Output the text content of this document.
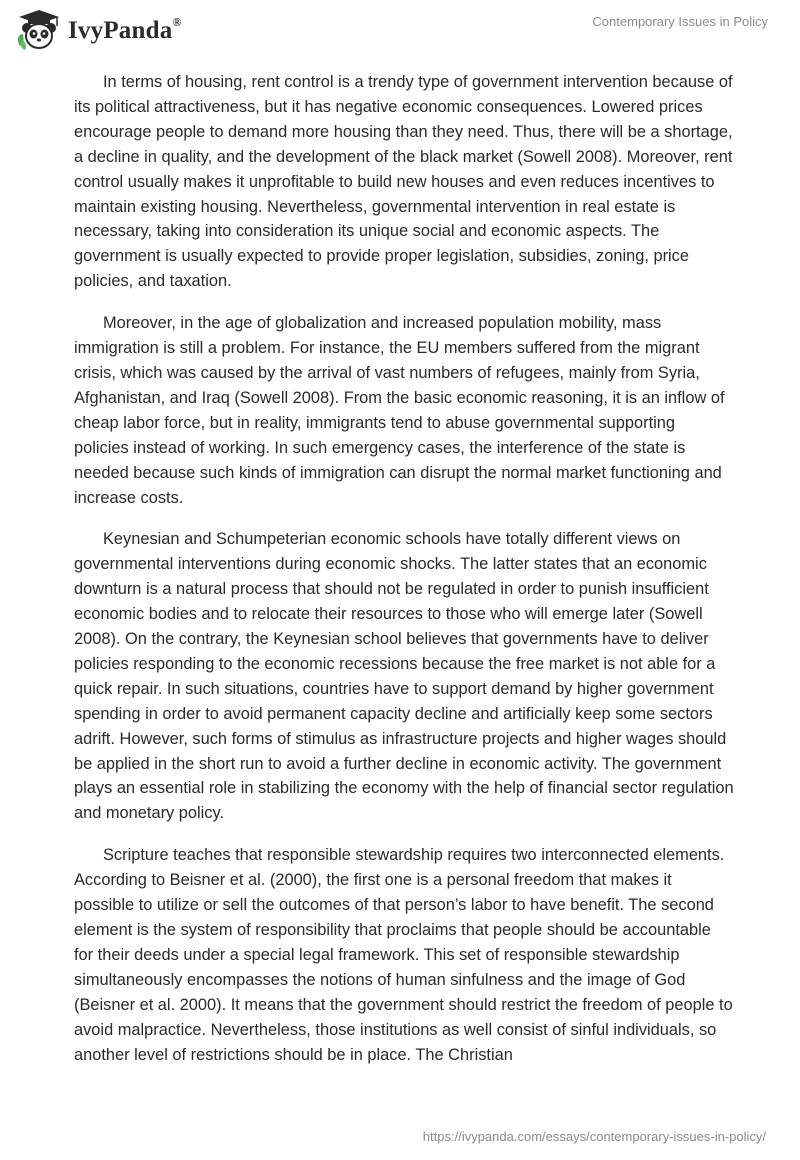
IvyPanda®	Contemporary Issues in Policy

In terms of housing, rent control is a trendy type of government intervention because of its political attractiveness, but it has negative economic consequences. Lowered prices encourage people to demand more housing than they need. Thus, there will be a shortage, a decline in quality, and the development of the black market (Sowell 2008). Moreover, rent control usually makes it unprofitable to build new houses and even reduces incentives to maintain existing housing. Nevertheless, governmental intervention in real estate is necessary, taking into consideration its unique social and economic aspects. The government is usually expected to provide proper legislation, subsidies, zoning, price policies, and taxation.

Moreover, in the age of globalization and increased population mobility, mass immigration is still a problem. For instance, the EU members suffered from the migrant crisis, which was caused by the arrival of vast numbers of refugees, mainly from Syria, Afghanistan, and Iraq (Sowell 2008). From the basic economic reasoning, it is an inflow of cheap labor force, but in reality, immigrants tend to abuse governmental supporting policies instead of working. In such emergency cases, the interference of the state is needed because such kinds of immigration can disrupt the normal market functioning and increase costs.

Keynesian and Schumpeterian economic schools have totally different views on governmental interventions during economic shocks. The latter states that an economic downturn is a natural process that should not be regulated in order to punish insufficient economic bodies and to relocate their resources to those who will emerge later (Sowell 2008). On the contrary, the Keynesian school believes that governments have to deliver policies responding to the economic recessions because the free market is not able for a quick repair. In such situations, countries have to support demand by higher government spending in order to avoid permanent capacity decline and artificially keep some sectors adrift. However, such forms of stimulus as infrastructure projects and higher wages should be applied in the short run to avoid a further decline in economic activity. The government plays an essential role in stabilizing the economy with the help of financial sector regulation and monetary policy.

Scripture teaches that responsible stewardship requires two interconnected elements. According to Beisner et al. (2000), the first one is a personal freedom that makes it possible to utilize or sell the outcomes of that person’s labor to have benefit. The second element is the system of responsibility that proclaims that people should be accountable for their deeds under a special legal framework. This set of responsible stewardship simultaneously encompasses the notions of human sinfulness and the image of God (Beisner et al. 2000). It means that the government should restrict the freedom of people to avoid malpractice. Nevertheless, those institutions as well consist of sinful individuals, so another level of restrictions should be in place. The Christian

https://ivypanda.com/essays/contemporary-issues-in-policy/
